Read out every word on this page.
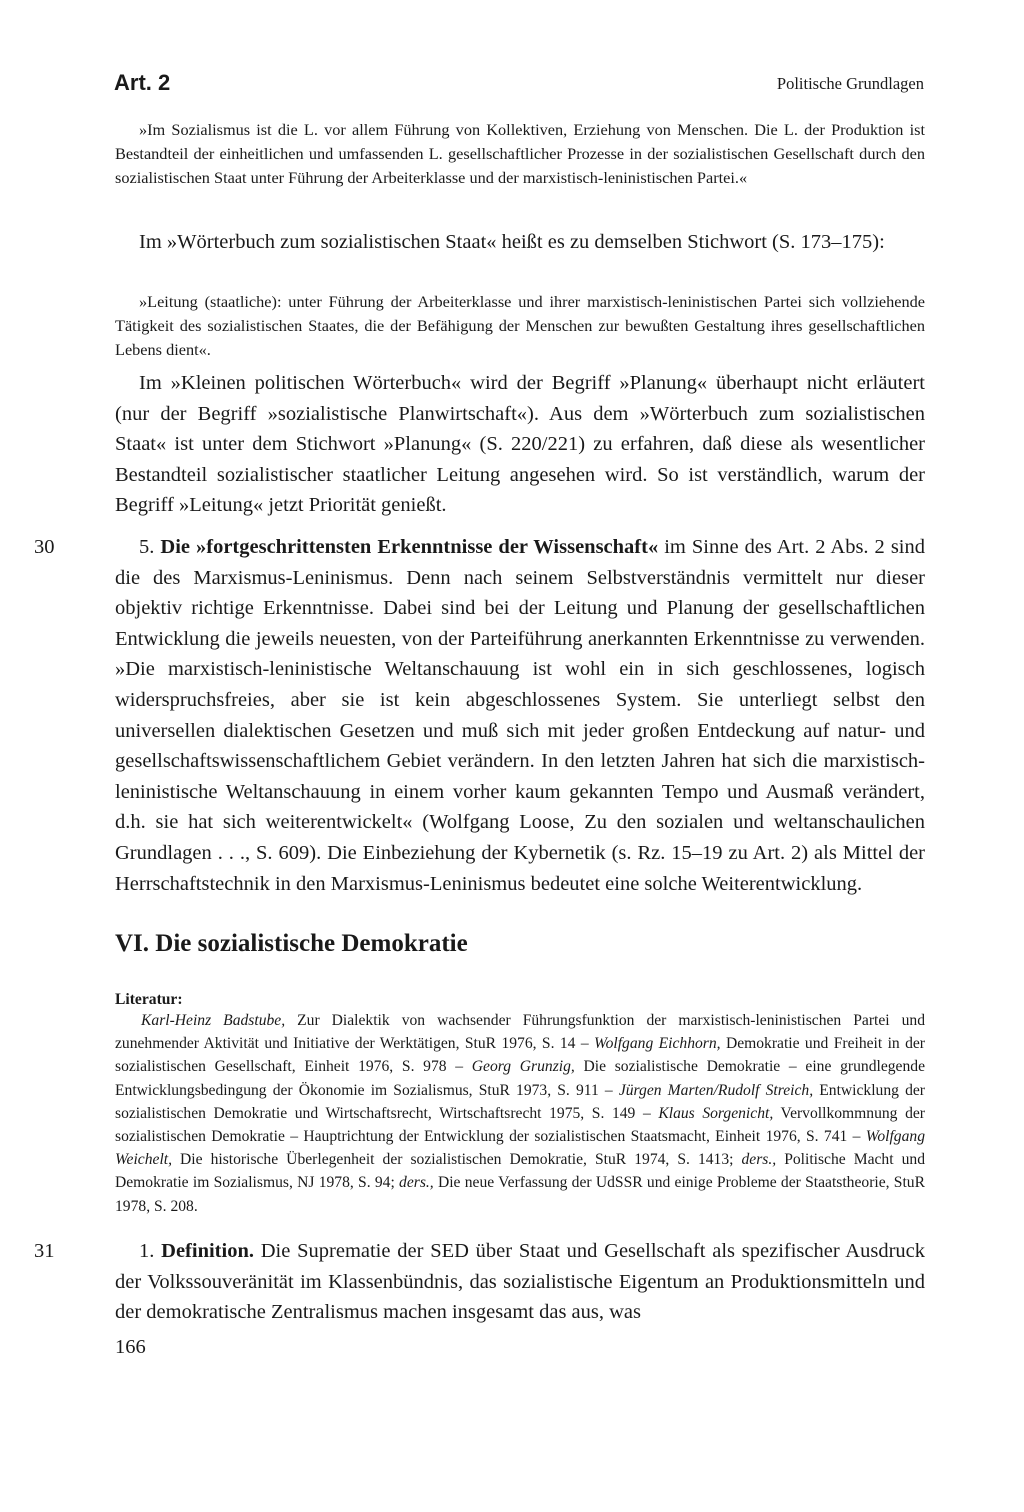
Art. 2	Politische Grundlagen

»Im Sozialismus ist die L. vor allem Führung von Kollektiven, Erziehung von Menschen. Die L. der Produktion ist Bestandteil der einheitlichen und umfassenden L. gesellschaftlicher Prozesse in der sozialistischen Gesellschaft durch den sozialistischen Staat unter Führung der Arbeiterklasse und der marxistisch-leninistischen Partei.«

Im »Wörterbuch zum sozialistischen Staat« heißt es zu demselben Stichwort (S. 173–175):

»Leitung (staatliche): unter Führung der Arbeiterklasse und ihrer marxistisch-leninistischen Partei sich vollziehende Tätigkeit des sozialistischen Staates, die der Befähigung der Menschen zur bewußten Gestaltung ihres gesellschaftlichen Lebens dient«.

Im »Kleinen politischen Wörterbuch« wird der Begriff »Planung« überhaupt nicht erläutert (nur der Begriff »sozialistische Planwirtschaft«). Aus dem »Wörterbuch zum sozialistischen Staat« ist unter dem Stichwort »Planung« (S. 220/221) zu erfahren, daß diese als wesentlicher Bestandteil sozialistischer staatlicher Leitung angesehen wird. So ist verständlich, warum der Begriff »Leitung« jetzt Priorität genießt.

30	5. Die »fortgeschrittensten Erkenntnisse der Wissenschaft« im Sinne des Art. 2 Abs. 2 sind die des Marxismus-Leninismus. Denn nach seinem Selbstverständnis vermittelt nur dieser objektiv richtige Erkenntnisse. Dabei sind bei der Leitung und Planung der gesellschaftlichen Entwicklung die jeweils neuesten, von der Parteiführung anerkannten Erkenntnisse zu verwenden. »Die marxistisch-leninistische Weltanschauung ist wohl ein in sich geschlossenes, logisch widerspruchsfreies, aber sie ist kein abgeschlossenes System. Sie unterliegt selbst den universellen dialektischen Gesetzen und muß sich mit jeder großen Entdeckung auf natur- und gesellschaftswissenschaftlichem Gebiet verändern. In den letzten Jahren hat sich die marxistisch-leninistische Weltanschauung in einem vorher kaum gekannten Tempo und Ausmaß verändert, d.h. sie hat sich weiterentwickelt« (Wolfgang Loose, Zu den sozialen und weltanschaulichen Grundlagen . . ., S. 609). Die Einbeziehung der Kybernetik (s. Rz. 15–19 zu Art. 2) als Mittel der Herrschaftstechnik in den Marxismus-Leninismus bedeutet eine solche Weiterentwicklung.

VI. Die sozialistische Demokratie
Literatur:

Karl-Heinz Badstube, Zur Dialektik von wachsender Führungsfunktion der marxistisch-leninistischen Partei und zunehmender Aktivität und Initiative der Werktätigen, StuR 1976, S. 14 – Wolfgang Eichhorn, Demokratie und Freiheit in der sozialistischen Gesellschaft, Einheit 1976, S. 978 – Georg Grunzig, Die sozialistische Demokratie – eine grundlegende Entwicklungsbedingung der Ökonomie im Sozialismus, StuR 1973, S. 911 – Jürgen Marten/Rudolf Streich, Entwicklung der sozialistischen Demokratie und Wirtschaftsrecht, Wirtschaftsrecht 1975, S. 149 – Klaus Sorgenicht, Vervollkommnung der sozialistischen Demokratie – Hauptrichtung der Entwicklung der sozialistischen Staatsmacht, Einheit 1976, S. 741 – Wolfgang Weichelt, Die historische Überlegenheit der sozialistischen Demokratie, StuR 1974, S. 1413; ders., Politische Macht und Demokratie im Sozialismus, NJ 1978, S. 94; ders., Die neue Verfassung der UdSSR und einige Probleme der Staatstheorie, StuR 1978, S. 208.

31	1. Definition. Die Suprematie der SED über Staat und Gesellschaft als spezifischer Ausdruck der Volkssouveränität im Klassenbündnis, das sozialistische Eigentum an Produktionsmitteln und der demokratische Zentralismus machen insgesamt das aus, was

166
